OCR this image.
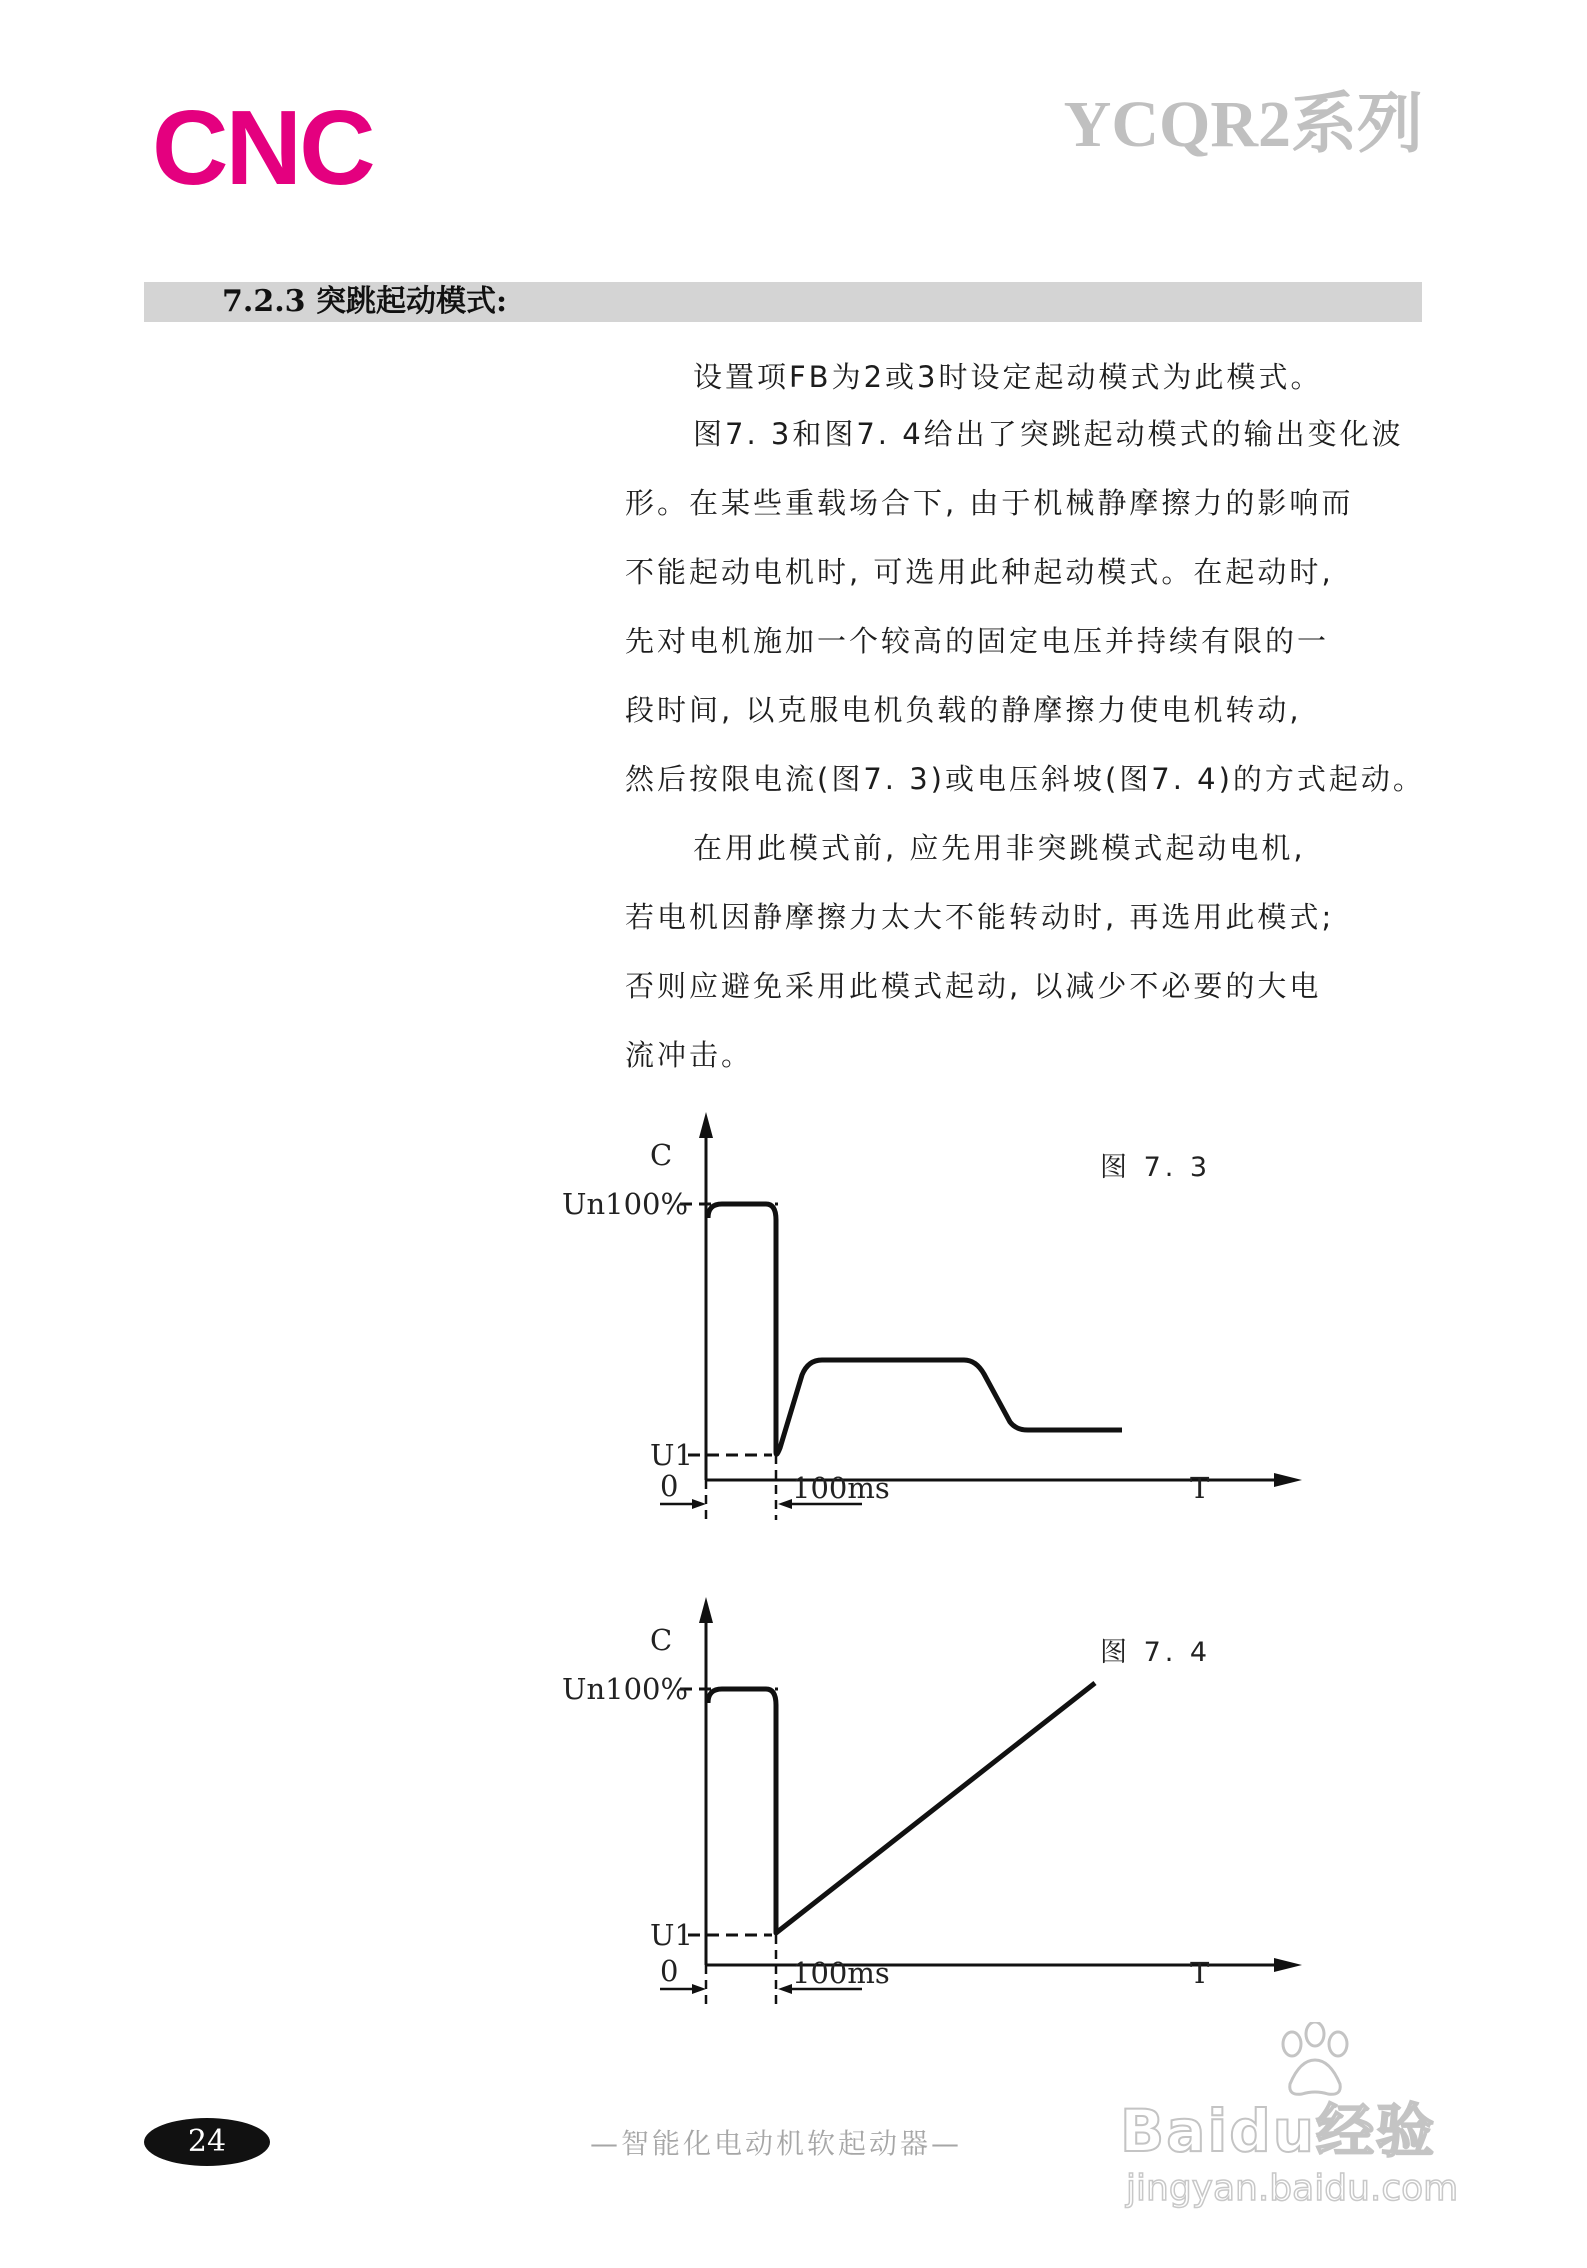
CNC	YCQR2系列
7.2.3 突跳起动模式:
设置项FB为2或3时设定起动模式为此模式。
图7. 3和图7. 4给出了突跳起动模式的输出变化波
形。在某些重载场合下, 由于机械静摩擦力的影响而
不能起动电机时, 可选用此种起动模式。在起动时,
先对电机施加一个较高的固定电压并持续有限的一
段时间, 以克服电机负载的静摩擦力使电机转动,
然后按限电流(图7. 3)或电压斜坡(图7. 4)的方式起动。
在用此模式前, 应先用非突跳模式起动电机,
若电机因静摩擦力太大不能转动时, 再选用此模式;
否则应避免采用此模式起动, 以减少不必要的大电
流冲击。
C
Un100%
U1
0	100ms	T
图 7. 3
C
Un100%
U1
0	100ms	T
图 7. 4
24	—智能化电动机软起动器—	Baidu经验
jingyan.baidu.com
